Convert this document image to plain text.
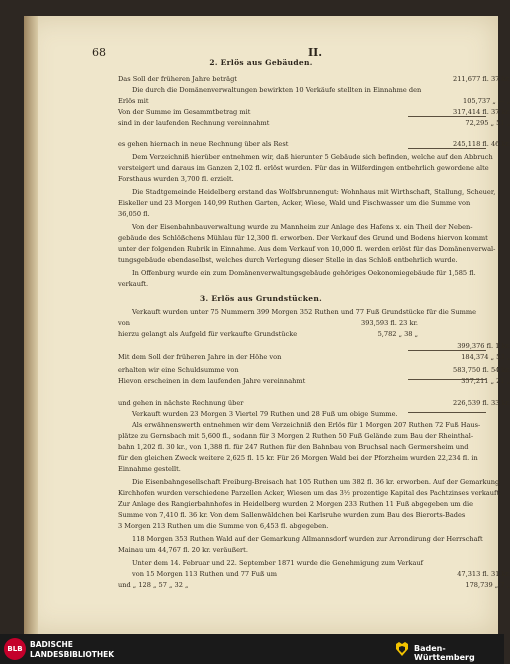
68	II.
2. Erlös aus Gebäuden.
3. Erlös aus Grundstücken.
Das Soll der früheren Jahre beträgt	211,677 fl. 37 kr.
Die durch die Domänenverwaltungen bewirkten 10 Verkäufe stellten in Einnahme den
Erlös mit	105,737 „ — „
Von der Summe im Gesammtbetrag mit	317,414 fl. 37 kr.
sind in der laufenden Rechnung vereinnahmt	72,295 „ 51 „
es gehen hiernach in neue Rechnung über als Rest	245,118 fl. 46 kr.
Dem Verzeichniß hierüber entnehmen wir, daß hierunter 5 Gebäude sich befinden, welche auf den Abbruch
versteigert und daraus im Ganzen 2,102 fl. erlöst wurden. Für das in Wilferdingen entbehrlich gewordene alte
Forsthaus wurden 3,700 fl. erzielt.
Die Stadtgemeinde Heidelberg erstand das Wolfsbrunnengut: Wohnhaus mit Wirthschaft, Stallung, Scheuer,
Eiskeller und 23 Morgen 140,99 Ruthen Garten, Acker, Wiese, Wald und Fischwasser um die Summe von
36,050 fl.
Von der Eisenbahnbauverwaltung wurde zu Mannheim zur Anlage des Hafens x. ein Theil der Neben-
gebäude des Schlößchens Mühlau für 12,300 fl. erworben. Der Verkauf des Grund und Bodens hiervon kommt
unter der folgenden Rubrik in Einnahme. Aus dem Verkauf von 10,000 fl. werden erlöst für das Domänenverwal-
tungsgebäude ebendaselbst, welches durch Verlegung dieser Stelle in das Schloß entbehrlich wurde.
In Offenburg wurde ein zum Domänenverwaltungsgebäude gehöriges Oekonomiegebäude für 1,585 fl.
verkauft.
Verkauft wurden unter 75 Nummern 399 Morgen 352 Ruthen und 77 Fuß Grundstücke für die Summe
von	393,593 fl. 23 kr.
hierzu gelangt als Aufgeld für verkaufte Grundstücke	5,782 „ 38 „
399,376 fl. 1 kr.
Mit dem Soll der früheren Jahre in der Höhe von	184,374 „ 53 „
erhalten wir eine Schuldsumme von	583,750 fl. 54 kr.
Hievon erscheinen in dem laufenden Jahre vereinnahmt	357,211 „ 21 „
und gehen in nächste Rechnung über	226,539 fl. 33 kr.
Verkauft wurden 23 Morgen 3 Viertel 79 Ruthen und 28 Fuß um obige Summe.
Als erwähnenswerth entnehmen wir dem Verzeichniß den Erlös für 1 Morgen 207 Ruthen 72 Fuß Haus-
plätze zu Gernsbach mit 5,600 fl., sodann für 3 Morgen 2 Ruthen 50 Fuß Gelände zum Bau der Rheinthal-
bahn 1,202 fl. 30 kr., von 1,388 fl. für 247 Ruthen für den Bahnbau von Bruchsal nach Germersheim und
für den gleichen Zweck weitere 2,625 fl. 15 kr. Für 26 Morgen Wald bei der Pforzheim wurden 22,234 fl. in
Einnahme gestellt.
Die Eisenbahngesellschaft Freiburg-Breisach hat 105 Ruthen um 382 fl. 36 kr. erworben. Auf der Gemarkung
Kirchhofen wurden verschiedene Parzellen Acker, Wiesen um das 3½ prozentige Kapital des Pachtzinses verkauft.
Zur Anlage des Rangierbahnhofes in Heidelberg wurden 2 Morgen 233 Ruthen 11 Fuß abgegeben um die
Summe von 7,410 fl. 36 kr. Von dem Sallenwäldchen bei Karlsruhe wurden zum Bau des Bierorts-Bades
3 Morgen 213 Ruthen um die Summe von 6,453 fl. abgegeben.
118 Morgen 353 Ruthen Wald auf der Gemarkung Allmannsdorf wurden zur Arrondirung der Herrschaft
Mainau um 44,767 fl. 20 kr. veräußert.
Unter dem 14. Februar und 22. September 1871 wurde die Genehmigung zum Verkauf
von 15 Morgen 113 Ruthen und 77 Fuß um	47,313 fl. 31 kr.
und „ 128 „ 57 „ 32 „	178,739 „ 7 „
BLB BADISCHE
LANDESBIBLIOTHEK
Baden-Württemberg
